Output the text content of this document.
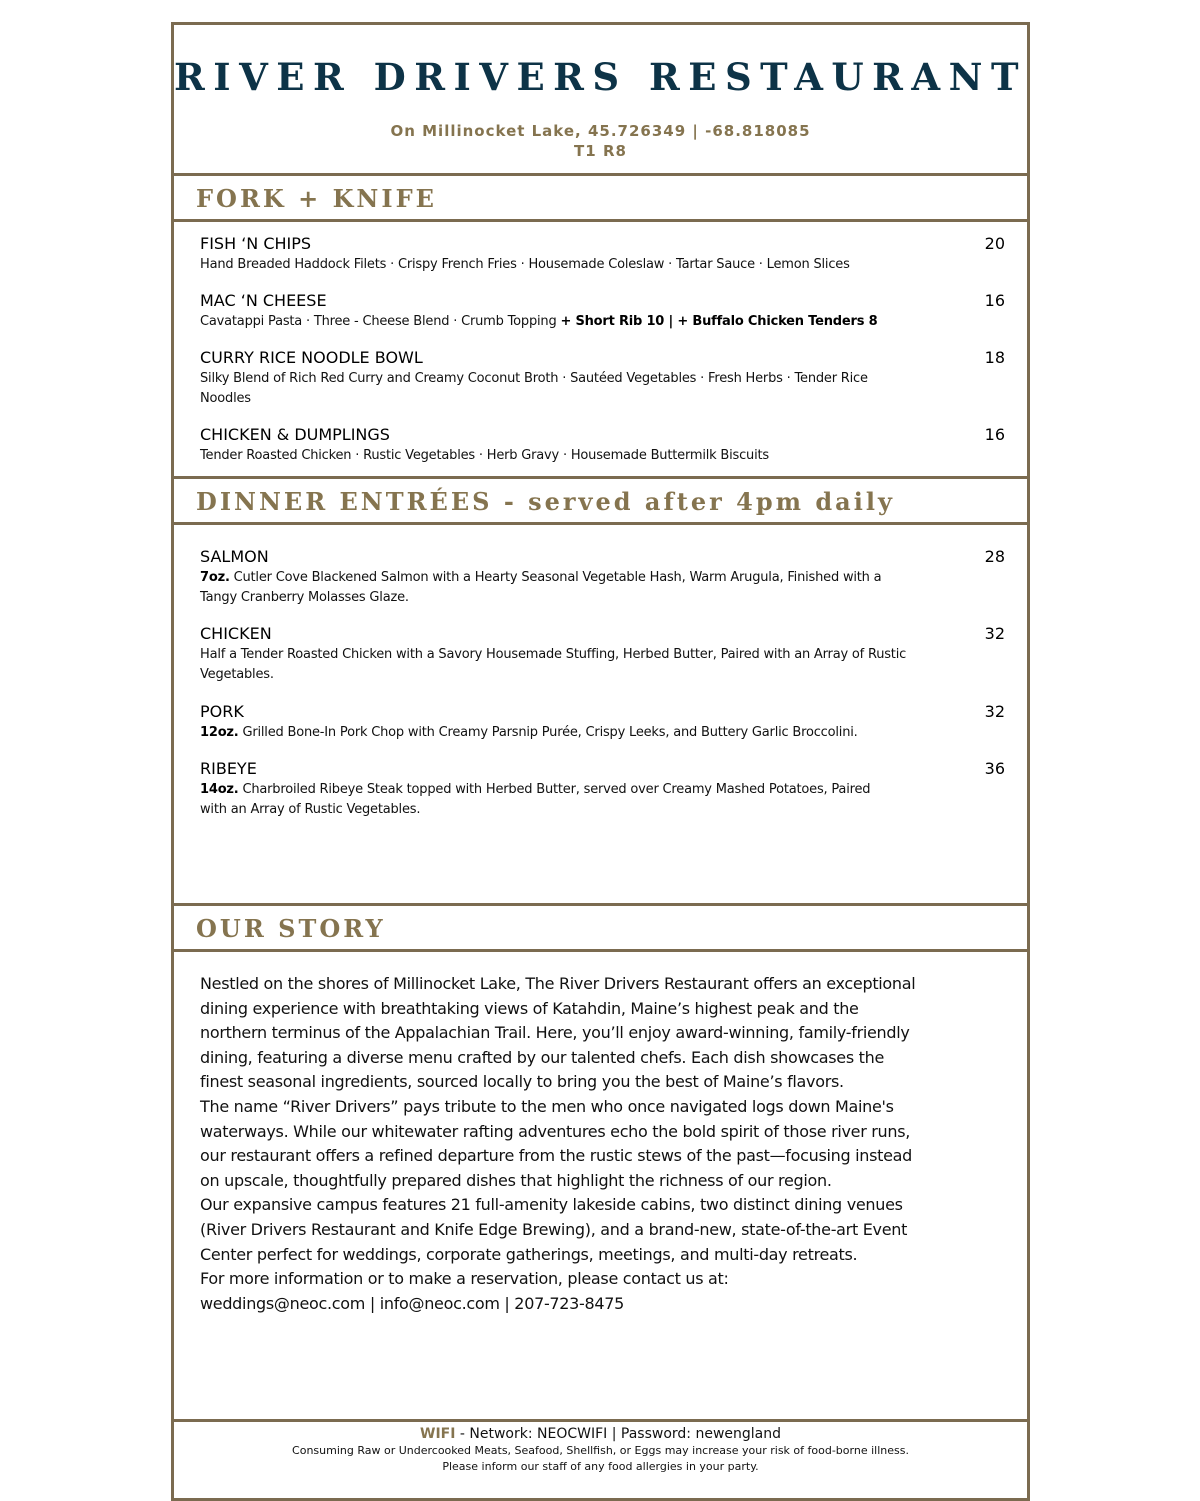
RIVER DRIVERS RESTAURANT
On Millinocket Lake, 45.726349 | -68.818085
T1 R8
FORK + KNIFE
FISH ‘N CHIPS	20
Hand Breaded Haddock Filets · Crispy French Fries · Housemade Coleslaw · Tartar Sauce · Lemon Slices
MAC ‘N CHEESE	16
Cavatappi Pasta · Three - Cheese Blend · Crumb Topping + Short Rib 10 | + Buffalo Chicken Tenders 8
CURRY RICE NOODLE BOWL	18
Silky Blend of Rich Red Curry and Creamy Coconut Broth · Sautéed Vegetables · Fresh Herbs · Tender Rice Noodles
CHICKEN & DUMPLINGS	16
Tender Roasted Chicken · Rustic Vegetables · Herb Gravy · Housemade Buttermilk Biscuits
DINNER ENTRÉES - served after 4pm daily
SALMON	28
7oz. Cutler Cove Blackened Salmon with a Hearty Seasonal Vegetable Hash, Warm Arugula, Finished with a Tangy Cranberry Molasses Glaze.
CHICKEN	32
Half a Tender Roasted Chicken with a Savory Housemade Stuffing, Herbed Butter, Paired with an Array of Rustic Vegetables.
PORK	32
12oz. Grilled Bone-In Pork Chop with Creamy Parsnip Purée, Crispy Leeks, and Buttery Garlic Broccolini.
RIBEYE	36
14oz. Charbroiled Ribeye Steak topped with Herbed Butter, served over Creamy Mashed Potatoes, Paired with an Array of Rustic Vegetables.
OUR STORY

Nestled on the shores of Millinocket Lake, The River Drivers Restaurant offers an exceptional dining experience with breathtaking views of Katahdin, Maine’s highest peak and the northern terminus of the Appalachian Trail. Here, you’ll enjoy award-winning, family-friendly dining, featuring a diverse menu crafted by our talented chefs. Each dish showcases the finest seasonal ingredients, sourced locally to bring you the best of Maine’s flavors.

The name “River Drivers” pays tribute to the men who once navigated logs down Maine's waterways. While our whitewater rafting adventures echo the bold spirit of those river runs, our restaurant offers a refined departure from the rustic stews of the past—focusing instead on upscale, thoughtfully prepared dishes that highlight the richness of our region.

Our expansive campus features 21 full-amenity lakeside cabins, two distinct dining venues (River Drivers Restaurant and Knife Edge Brewing), and a brand-new, state-of-the-art Event Center perfect for weddings, corporate gatherings, meetings, and multi-day retreats.

For more information or to make a reservation, please contact us at:

weddings@neoc.com | info@neoc.com | 207-723-8475

WIFI - Network: NEOCWIFI | Password: newengland
Consuming Raw or Undercooked Meats, Seafood, Shellfish, or Eggs may increase your risk of food-borne illness.
Please inform our staff of any food allergies in your party.
